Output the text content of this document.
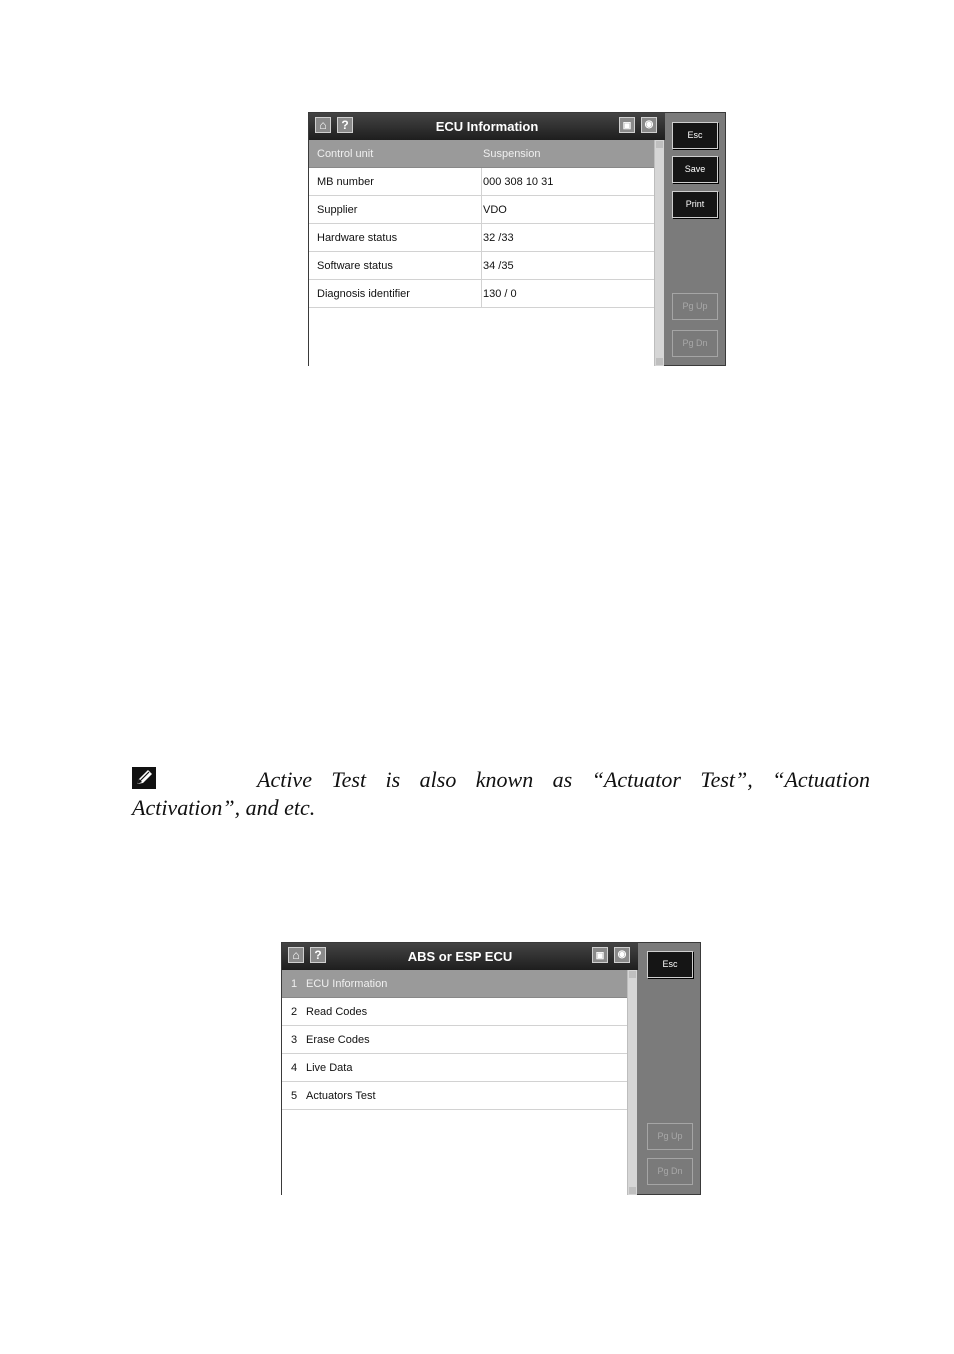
⌂	?	ECU Information	▣	◉
Control unit	Suspension
MB number	000 308 10 31
Supplier	VDO
Hardware status	32 /33
Software status	34 /35
Diagnosis identifier	130 / 0
Esc
Save
Print
Pg Up
Pg Dn
Active Test is also known as “Actuator Test”, “Actuation
Activation”, and etc.
⌂	?	ABS or ESP ECU	▣	◉
1 ECU Information
2 Read Codes
3 Erase Codes
4 Live Data
5 Actuators Test
Esc
Pg Up
Pg Dn
